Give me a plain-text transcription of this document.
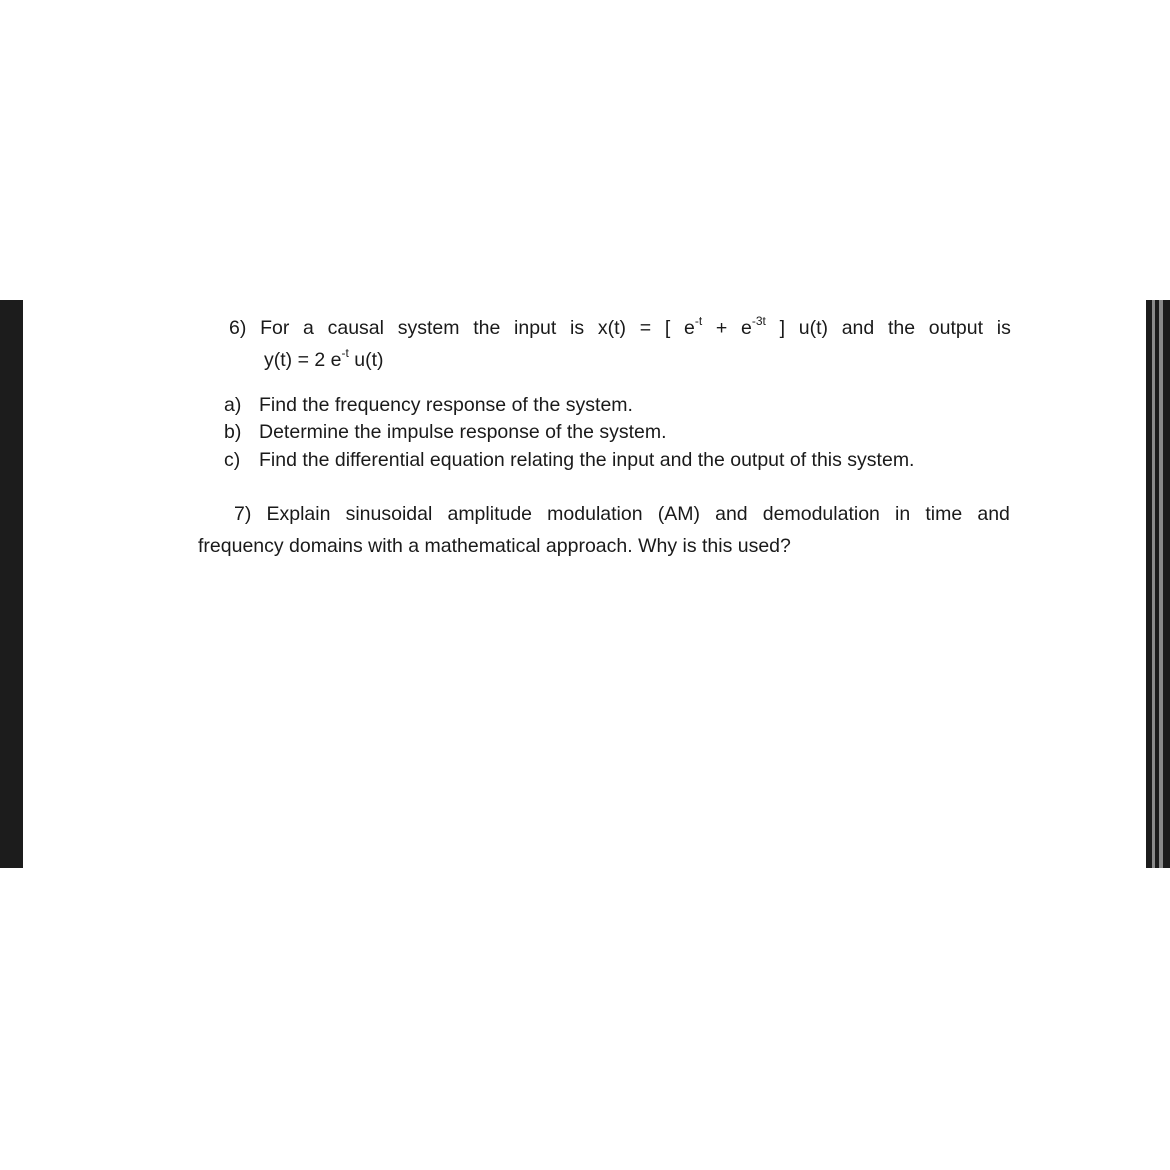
6) For a causal system the input is x(t) = [ $e^{-t} + e^{-3t}$ ] u(t) and the output is
y(t) = 2 $e^{-t}$ u(t)
a) Find the frequency response of the system.
b) Determine the impulse response of the system.
c) Find the differential equation relating the input and the output of this system.
7) Explain sinusoidal amplitude modulation (AM) and demodulation in time and
frequency domains with a mathematical approach. Why is this used?
